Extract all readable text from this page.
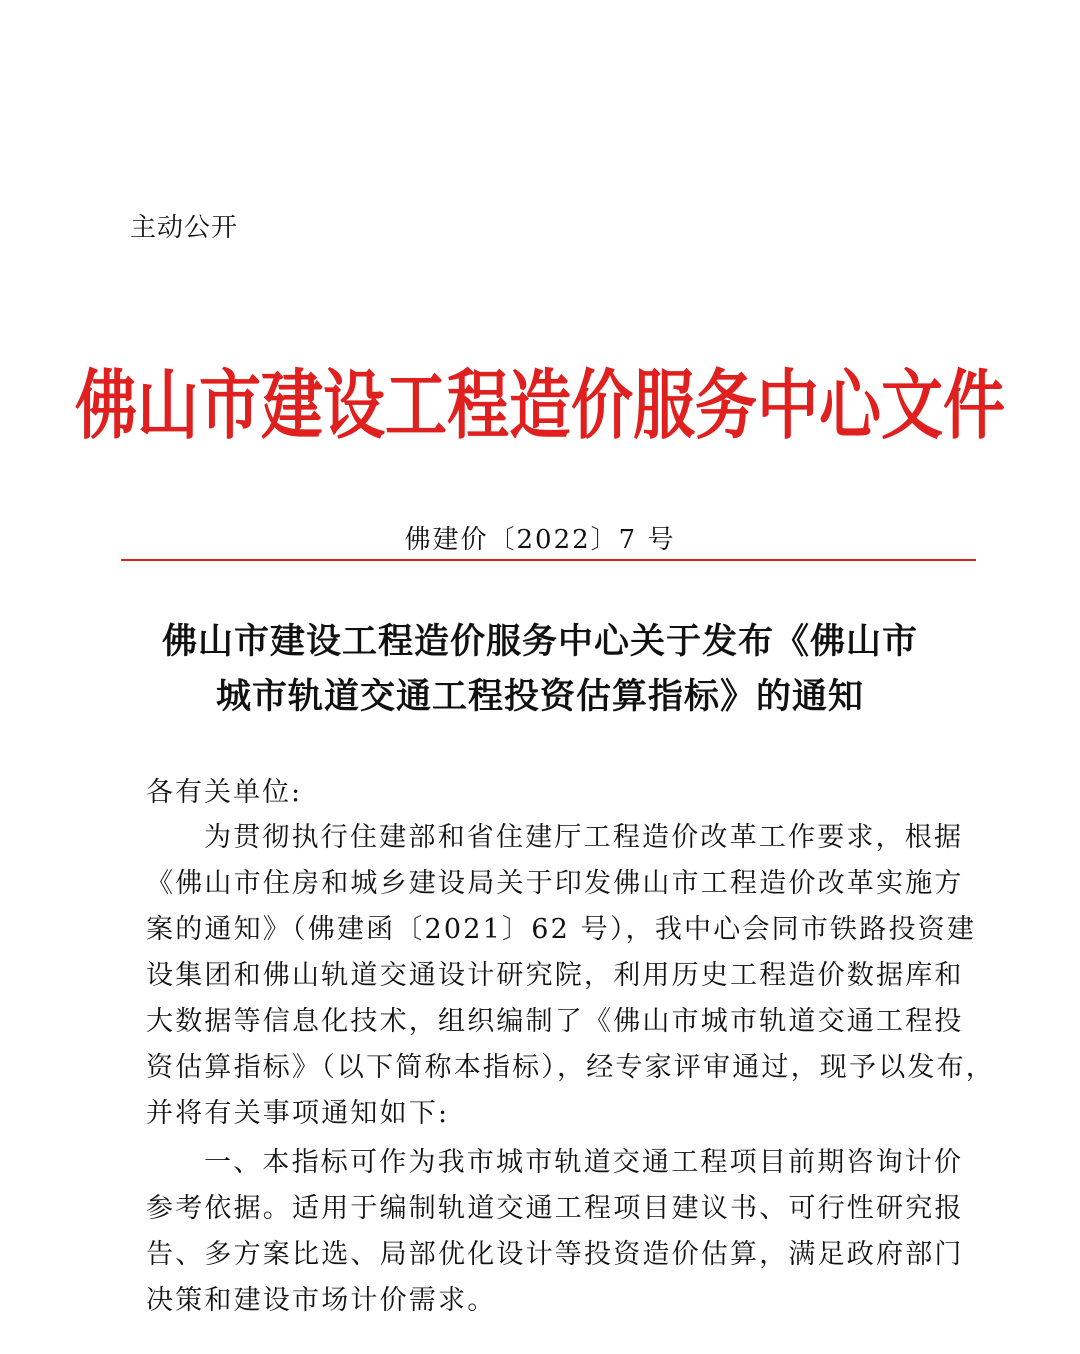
主动公开
佛山市建设工程造价服务中心文件
佛建价〔2022〕7 号
佛山市建设工程造价服务中心关于发布《佛山市
城市轨道交通工程投资估算指标》的通知
各有关单位:
为贯彻执行住建部和省住建厅工程造价改革工作要求，根据
《佛山市住房和城乡建设局关于印发佛山市工程造价改革实施方
案的通知》（佛建函〔2021〕62 号），我中心会同市铁路投资建
设集团和佛山轨道交通设计研究院，利用历史工程造价数据库和
大数据等信息化技术，组织编制了《佛山市城市轨道交通工程投
资估算指标》（以下简称本指标），经专家评审通过，现予以发布，
并将有关事项通知如下:
一、本指标可作为我市城市轨道交通工程项目前期咨询计价
参考依据。适用于编制轨道交通工程项目建议书、可行性研究报
告、多方案比选、局部优化设计等投资造价估算，满足政府部门
决策和建设市场计价需求。
